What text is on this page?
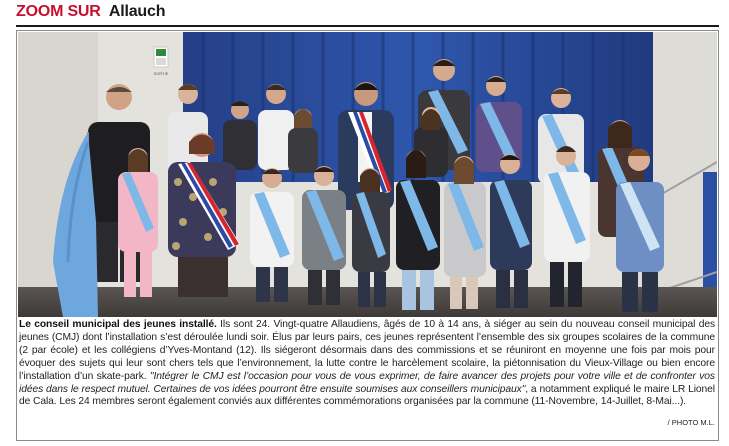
ZOOM SUR Allauch
SORTIE
Le conseil municipal des jeunes installé. Ils sont 24. Vingt-quatre Allaudiens, âgés de 10 à 14 ans, à siéger au sein du nouveau conseil municipal des jeunes (CMJ) dont l’installation s’est déroulée lundi soir. Élus par leurs pairs, ces jeunes représentent l’ensemble des six groupes scolaires de la commune (2 par école) et les collégiens d’Yves-Montand (12). Ils siégeront désormais dans des commissions et se réuniront en moyenne une fois par mois pour évoquer des sujets qui leur sont chers tels que l’environnement, la lutte contre le harcèlement scolaire, la piétonnisation du Vieux-Village ou bien encore l’installation d’un skate-park. "Intégrer le CMJ est l’occasion pour vous de vous exprimer, de faire avancer des projets pour votre ville et de confronter vos idées dans le respect mutuel. Certaines de vos idées pourront être ensuite soumises aux conseillers municipaux", a notamment expliqué le maire LR Lionel de Cala. Les 24 membres seront également conviés aux différentes commémorations organisées par la commune (11-Novembre, 14-Juillet, 8-Mai...).
/ PHOTO M.L.
